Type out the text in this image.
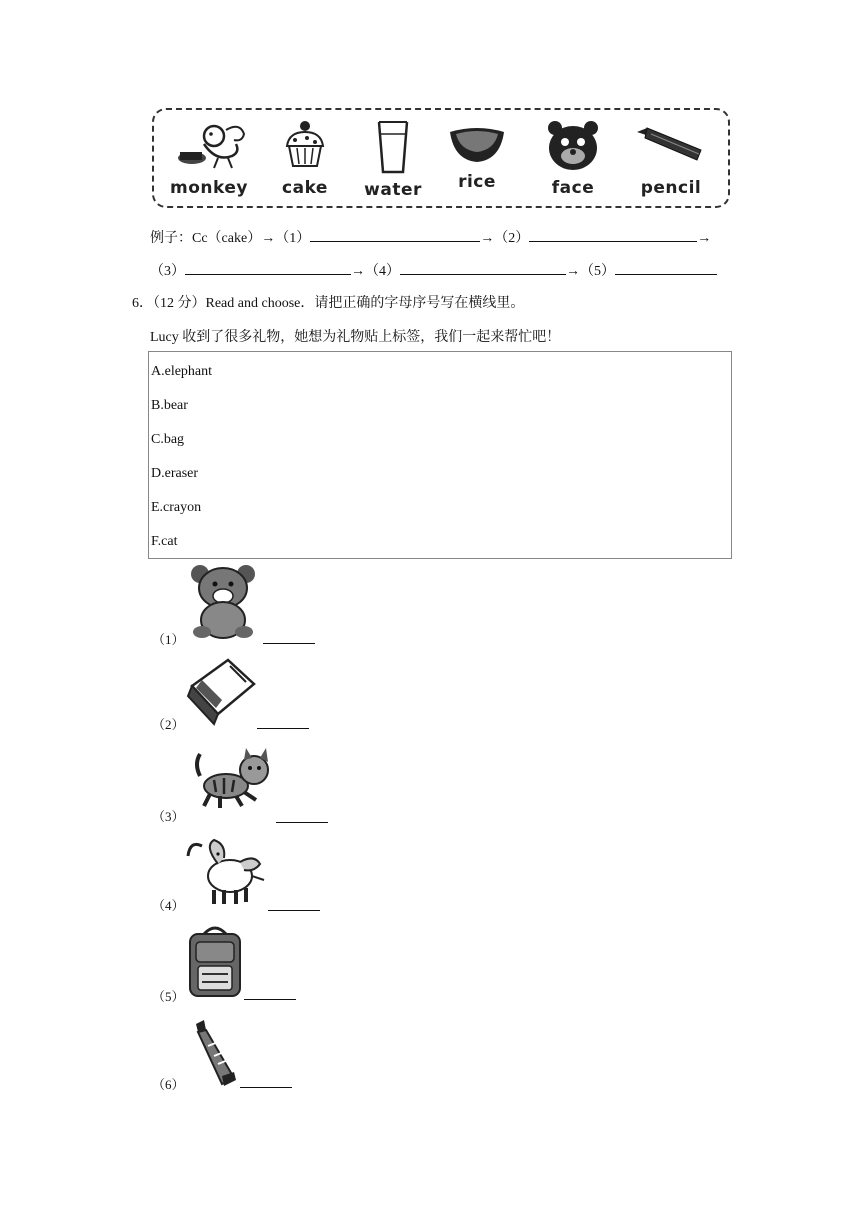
monkey	cake	water	rice	face	pencil
例子：Cc（cake）→（1）	→（2）	→
（3）	→（4）	→（5）
6．（12 分）Read and choose．请把正确的字母序号写在横线里。
Lucy 收到了很多礼物，她想为礼物贴上标签，我们一起来帮忙吧！
A.elephant
B.bear
C.bag
D.eraser
E.crayon
F.cat
（1）
（2）
（3）
（4）
（5）
（6）
